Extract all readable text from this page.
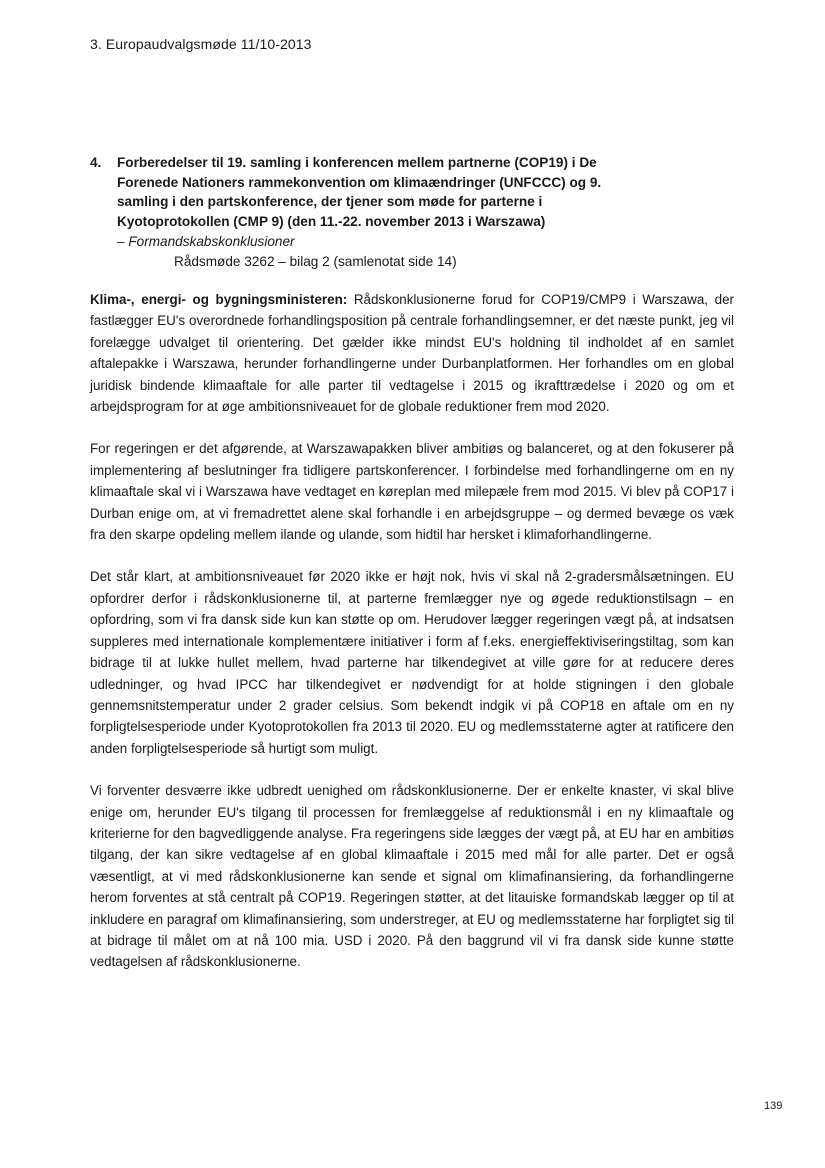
3. Europaudvalgsmøde 11/10-2013
4. Forberedelser til 19. samling i konferencen mellem partnerne (COP19) i De
Forenede Nationers rammekonvention om klimaændringer (UNFCCC) og 9.
samling i den partskonference, der tjener som møde for parterne i
Kyotoprotokollen (CMP 9) (den 11.-22. november 2013 i Warszawa)
– Formandskabskonklusioner
Rådsmøde 3262 – bilag 2 (samlenotat side 14)

Klima-, energi- og bygningsministeren: Rådskonklusionerne forud for COP19/CMP9 i Warszawa, der fastlægger EU's overordnede forhandlingsposition på centrale forhandlingsemner, er det næste punkt, jeg vil forelægge udvalget til orientering. Det gælder ikke mindst EU's holdning til indholdet af en samlet aftalepakke i Warszawa, herunder forhandlingerne under Durbanplatformen. Her forhandles om en global juridisk bindende klimaaftale for alle parter til vedtagelse i 2015 og ikrafttrædelse i 2020 og om et arbejdsprogram for at øge ambitionsniveauet for de globale reduktioner frem mod 2020.

For regeringen er det afgørende, at Warszawapakken bliver ambitiøs og balanceret, og at den fokuserer på implementering af beslutninger fra tidligere partskonferencer. I forbindelse med forhandlingerne om en ny klimaaftale skal vi i Warszawa have vedtaget en køreplan med milepæle frem mod 2015. Vi blev på COP17 i Durban enige om, at vi fremadrettet alene skal forhandle i en arbejdsgruppe – og dermed bevæge os væk fra den skarpe opdeling mellem ilande og ulande, som hidtil har hersket i klimaforhandlingerne.

Det står klart, at ambitionsniveauet før 2020 ikke er højt nok, hvis vi skal nå 2-gradersmålsætningen. EU opfordrer derfor i rådskonklusionerne til, at parterne fremlægger nye og øgede reduktionstilsagn – en opfordring, som vi fra dansk side kun kan støtte op om. Herudover lægger regeringen vægt på, at indsatsen suppleres med internationale komplementære initiativer i form af f.eks. energieffektiviseringstiltag, som kan bidrage til at lukke hullet mellem, hvad parterne har tilkendegivet at ville gøre for at reducere deres udledninger, og hvad IPCC har tilkendegivet er nødvendigt for at holde stigningen i den globale gennemsnitstemperatur under 2 grader celsius. Som bekendt indgik vi på COP18 en aftale om en ny forpligtelsesperiode under Kyotoprotokollen fra 2013 til 2020. EU og medlemsstaterne agter at ratificere den anden forpligtelsesperiode så hurtigt som muligt.

Vi forventer desværre ikke udbredt uenighed om rådskonklusionerne. Der er enkelte knaster, vi skal blive enige om, herunder EU's tilgang til processen for fremlæggelse af reduktionsmål i en ny klimaaftale og kriterierne for den bagvedliggende analyse. Fra regeringens side lægges der vægt på, at EU har en ambitiøs tilgang, der kan sikre vedtagelse af en global klimaaftale i 2015 med mål for alle parter. Det er også væsentligt, at vi med rådskonklusionerne kan sende et signal om klimafinansiering, da forhandlingerne herom forventes at stå centralt på COP19. Regeringen støtter, at det litauiske formandskab lægger op til at inkludere en paragraf om klimafinansiering, som understreger, at EU og medlemsstaterne har forpligtet sig til at bidrage til målet om at nå 100 mia. USD i 2020. På den baggrund vil vi fra dansk side kunne støtte vedtagelsen af rådskonklusionerne.

139
